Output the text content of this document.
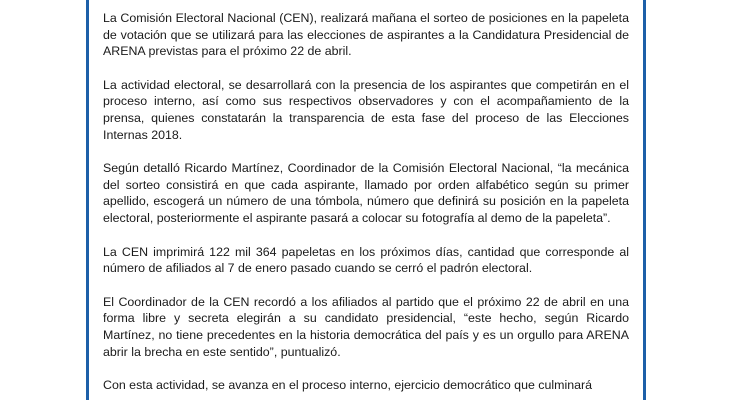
La Comisión Electoral Nacional (CEN), realizará mañana el sorteo de posiciones en la papeleta de votación que se utilizará para las elecciones de aspirantes a la Candidatura Presidencial de ARENA previstas para el próximo 22 de abril.

La actividad electoral, se desarrollará con la presencia de los aspirantes que competirán en el proceso interno, así como sus respectivos observadores y con el acompañamiento de la prensa, quienes constatarán la transparencia de esta fase del proceso de las Elecciones Internas 2018.

Según detalló Ricardo Martínez, Coordinador de la Comisión Electoral Nacional, “la mecánica del sorteo consistirá en que cada aspirante, llamado por orden alfabético según su primer apellido, escogerá un número de una tómbola, número que definirá su posición en la papeleta electoral, posteriormente el aspirante pasará a colocar su fotografía al demo de la papeleta”.

La CEN imprimirá 122 mil 364 papeletas en los próximos días, cantidad que corresponde al número de afiliados al 7 de enero pasado cuando se cerró el padrón electoral.

El Coordinador de la CEN recordó a los afiliados al partido que el próximo 22 de abril en una forma libre y secreta elegirán a su candidato presidencial, “este hecho, según Ricardo Martínez, no tiene precedentes en la historia democrática del país y es un orgullo para ARENA abrir la brecha en este sentido”, puntualizó.

Con esta actividad, se avanza en el proceso interno, ejercicio democrático que culminará
